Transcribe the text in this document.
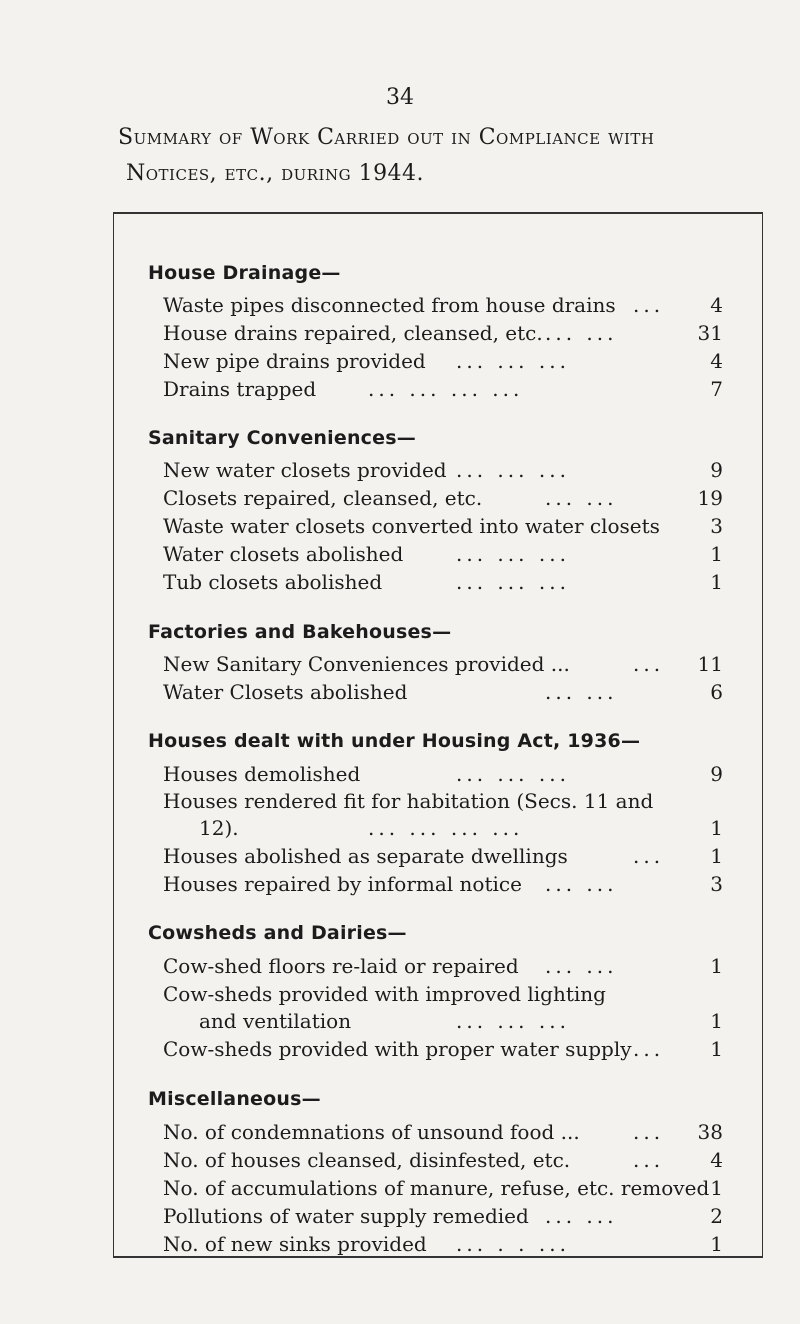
34
Summary of Work Carried out in Compliance with
Notices, etc., during 1944.
House Drainage—
Waste pipes disconnected from house drains ... 4
House drains repaired, cleansed, etc. ... ...	31
New pipe drains provided ... ... ...	4
Drains trapped	... ... ... ...	7
Sanitary Conveniences—
New water closets provided ... ... ...	9
Closets repaired, cleansed, etc.	... ...	19
Waste water closets converted into water closets	3
Water closets abolished	... ... ...	1
Tub closets abolished	... ... ...	1
Factories and Bakehouses—
New Sanitary Conveniences provided ...	... 11
Water Closets abolished	... ...	6
Houses dealt with under Housing Act, 1936—
Houses demolished	... ... ...	9
Houses rendered fit for habitation (Secs. 11 and
12).	... ... ... ...	1
Houses abolished as separate dwellings	... 1
Houses repaired by informal notice ... ...	3
Cowsheds and Dairies—
Cow-shed floors re-laid or repaired ... ...	1
Cow-sheds provided with improved lighting
and ventilation	... ... ...	1
Cow-sheds provided with proper water supply ... 1
Miscellaneous—
No. of condemnations of unsound food ...	... 38
No. of houses cleansed, disinfested, etc.	... 4
No. of accumulations of manure, refuse, etc. removed 1
Pollutions of water supply remedied ... ...	2
No. of new sinks provided ... . . ...	1
